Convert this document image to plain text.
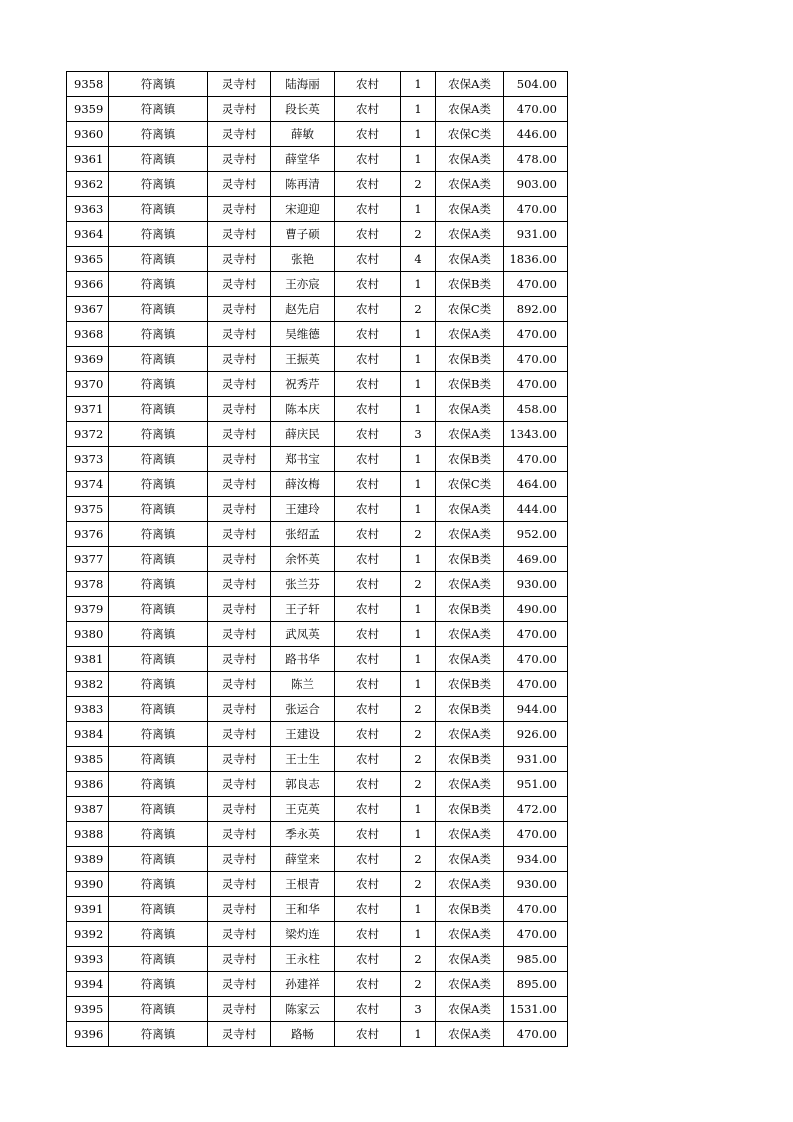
9358	符离镇	灵寺村	陆海丽	农村	1	农保A类	504.00
9359	符离镇	灵寺村	段长英	农村	1	农保A类	470.00
9360	符离镇	灵寺村	薛敏	农村	1	农保C类	446.00
9361	符离镇	灵寺村	薛堂华	农村	1	农保A类	478.00
9362	符离镇	灵寺村	陈再清	农村	2	农保A类	903.00
9363	符离镇	灵寺村	宋迎迎	农村	1	农保A类	470.00
9364	符离镇	灵寺村	曹子硕	农村	2	农保A类	931.00
9365	符离镇	灵寺村	张艳	农村	4	农保A类	1836.00
9366	符离镇	灵寺村	王亦宸	农村	1	农保B类	470.00
9367	符离镇	灵寺村	赵先启	农村	2	农保C类	892.00
9368	符离镇	灵寺村	吴维德	农村	1	农保A类	470.00
9369	符离镇	灵寺村	王振英	农村	1	农保B类	470.00
9370	符离镇	灵寺村	祝秀芹	农村	1	农保B类	470.00
9371	符离镇	灵寺村	陈本庆	农村	1	农保A类	458.00
9372	符离镇	灵寺村	薛庆民	农村	3	农保A类	1343.00
9373	符离镇	灵寺村	郑书宝	农村	1	农保B类	470.00
9374	符离镇	灵寺村	薛汝梅	农村	1	农保C类	464.00
9375	符离镇	灵寺村	王建玲	农村	1	农保A类	444.00
9376	符离镇	灵寺村	张绍孟	农村	2	农保A类	952.00
9377	符离镇	灵寺村	余怀英	农村	1	农保B类	469.00
9378	符离镇	灵寺村	张兰芬	农村	2	农保A类	930.00
9379	符离镇	灵寺村	王子轩	农村	1	农保B类	490.00
9380	符离镇	灵寺村	武凤英	农村	1	农保A类	470.00
9381	符离镇	灵寺村	路书华	农村	1	农保A类	470.00
9382	符离镇	灵寺村	陈兰	农村	1	农保B类	470.00
9383	符离镇	灵寺村	张运合	农村	2	农保B类	944.00
9384	符离镇	灵寺村	王建设	农村	2	农保A类	926.00
9385	符离镇	灵寺村	王士生	农村	2	农保B类	931.00
9386	符离镇	灵寺村	郭良志	农村	2	农保A类	951.00
9387	符离镇	灵寺村	王克英	农村	1	农保B类	472.00
9388	符离镇	灵寺村	季永英	农村	1	农保A类	470.00
9389	符离镇	灵寺村	薛堂来	农村	2	农保A类	934.00
9390	符离镇	灵寺村	王根青	农村	2	农保A类	930.00
9391	符离镇	灵寺村	王和华	农村	1	农保B类	470.00
9392	符离镇	灵寺村	梁灼连	农村	1	农保A类	470.00
9393	符离镇	灵寺村	王永柱	农村	2	农保A类	985.00
9394	符离镇	灵寺村	孙建祥	农村	2	农保A类	895.00
9395	符离镇	灵寺村	陈家云	农村	3	农保A类	1531.00
9396	符离镇	灵寺村	路畅	农村	1	农保A类	470.00
